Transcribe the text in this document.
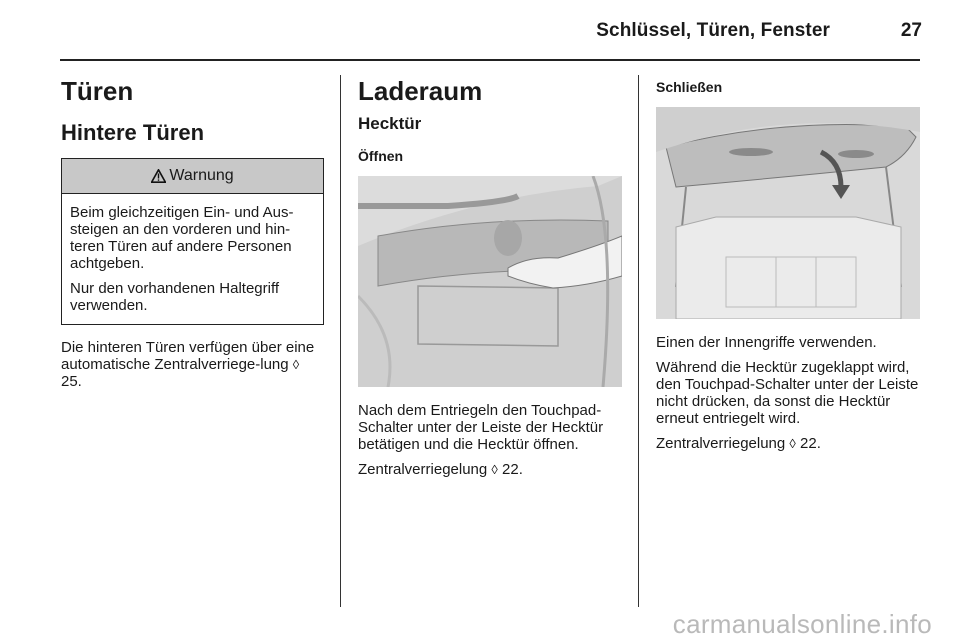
Schlüssel, Türen, Fenster	27
Türen
Hintere Türen
Warnung

Beim gleichzeitigen Ein- und Aus-steigen an den vorderen und hin-teren Türen auf andere Personen achtgeben.

Nur den vorhandenen Haltegriff verwenden.

Die hinteren Türen verfügen über eine automatische Zentralverriege-lung ◊ 25.

Laderaum
Hecktür
Öffnen

Nach dem Entriegeln den Touchpad-Schalter unter der Leiste der Hecktür betätigen und die Hecktür öffnen.

Zentralverriegelung ◊ 22.

Schließen

Einen der Innengriffe verwenden.

Während die Hecktür zugeklappt wird, den Touchpad-Schalter unter der Leiste nicht drücken, da sonst die Hecktür erneut entriegelt wird.

Zentralverriegelung ◊ 22.

carmanualsonline.info
